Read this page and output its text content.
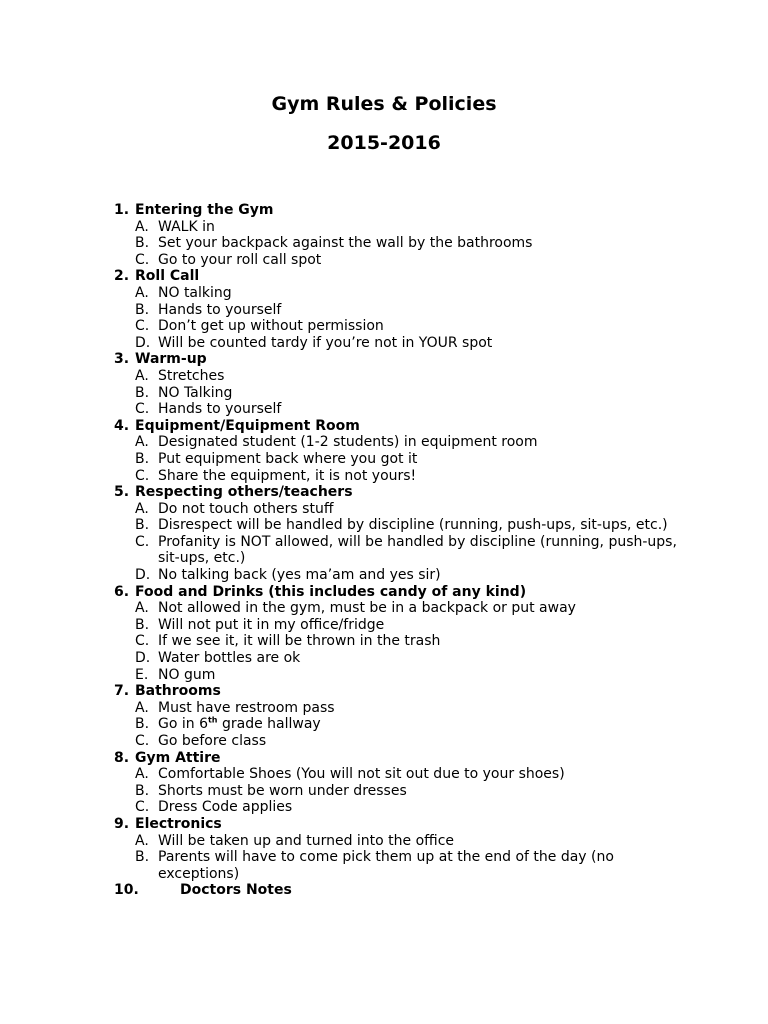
Gym Rules & Policies
2015-2016
1. Entering the Gym
A. WALK in
B. Set your backpack against the wall by the bathrooms
C. Go to your roll call spot
2. Roll Call
A. NO talking
B. Hands to yourself
C. Don’t get up without permission
D. Will be counted tardy if you’re not in YOUR spot
3. Warm-up
A. Stretches
B. NO Talking
C. Hands to yourself
4. Equipment/Equipment Room
A. Designated student (1-2 students) in equipment room
B. Put equipment back where you got it
C. Share the equipment, it is not yours!
5. Respecting others/teachers
A. Do not touch others stuff
B. Disrespect will be handled by discipline (running, push-ups, sit-ups, etc.)
C. Profanity is NOT allowed, will be handled by discipline (running, push-ups, sit-ups, etc.)
D. No talking back (yes ma’am and yes sir)
6. Food and Drinks (this includes candy of any kind)
A. Not allowed in the gym, must be in a backpack or put away
B. Will not put it in my office/fridge
C. If we see it, it will be thrown in the trash
D. Water bottles are ok
E. NO gum
7. Bathrooms
A. Must have restroom pass
B. Go in 6th grade hallway
C. Go before class
8. Gym Attire
A. Comfortable Shoes (You will not sit out due to your shoes)
B. Shorts must be worn under dresses
C. Dress Code applies
9. Electronics
A. Will be taken up and turned into the office
B. Parents will have to come pick them up at the end of the day (no exceptions)
10.	Doctors Notes
